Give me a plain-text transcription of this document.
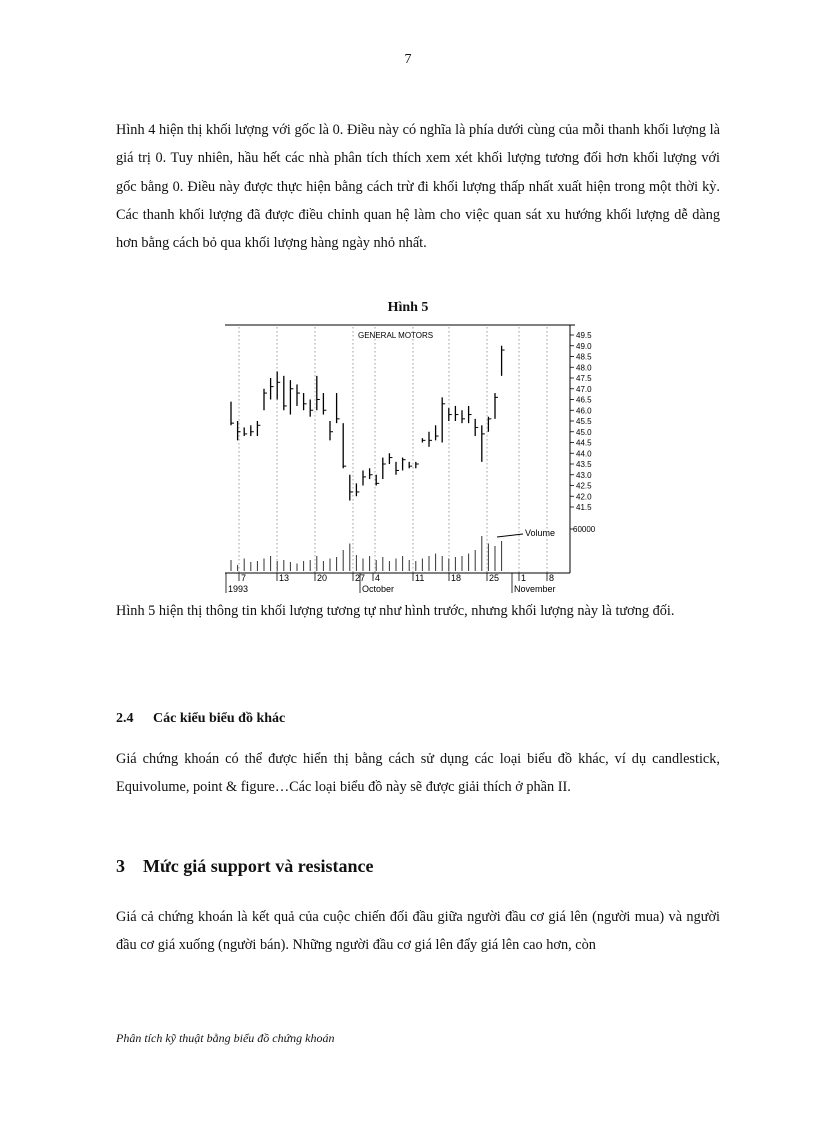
7

Hình 4 hiện thị khối lượng với gốc là 0. Điều này có nghĩa là phía dưới cùng của mỗi thanh khối lượng là giá trị 0. Tuy nhiên, hầu hết các nhà phân tích thích xem xét khối lượng tương đối hơn khối lượng với gốc bằng 0. Điều này được thực hiện bằng cách trừ đi khối lượng thấp nhất xuất hiện trong một thời kỳ. Các thanh khối lượng đã được điều chỉnh quan hệ làm cho việc quan sát xu hướng khối lượng dễ dàng hơn bằng cách bỏ qua khối lượng hàng ngày nhỏ nhất.

Hình 5
GENERAL MOTORS
Volume
49.5
49.0
48.5
48.0
47.5
47.0
46.5
46.0
45.5
45.0
44.5
44.0
43.5
43.0
42.5
42.0
41.5
60000
7	13	20	27 4	11	18	25 1	8
1993	October	November

Hình 5 hiện thị thông tin khối lượng tương tự như hình trước, nhưng khối lượng này là tương đối.

2.4 Các kiểu biểu đồ khác

Giá chứng khoán có thể được hiển thị bằng cách sử dụng các loại biểu đồ khác, ví dụ candlestick, Equivolume, point & figure…Các loại biểu đồ này sẽ được giải thích ở phần II.

3 Mức giá support và resistance

Giá cả chứng khoán là kết quả của cuộc chiến đối đầu giữa người đầu cơ giá lên (người mua) và người đầu cơ giá xuống (người bán). Những người đầu cơ giá lên đẩy giá lên cao hơn, còn

Phân tích kỹ thuật bằng biểu đồ chứng khoán
